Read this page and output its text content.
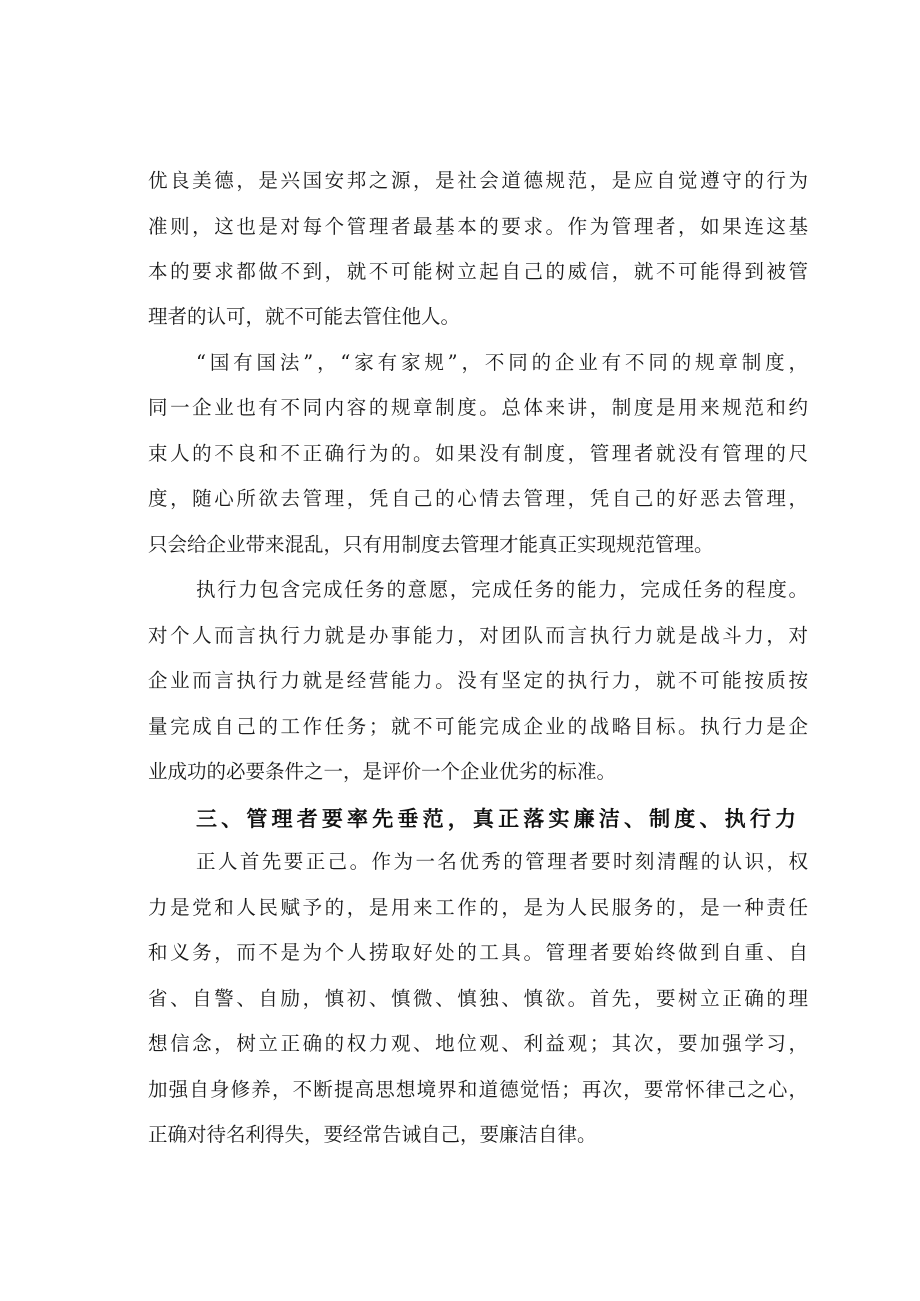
优良美德，是兴国安邦之源，是社会道德规范，是应自觉遵守的行为
准则，这也是对每个管理者最基本的要求。作为管理者，如果连这基
本的要求都做不到，就不可能树立起自己的威信，就不可能得到被管
理者的认可，就不可能去管住他人。
“国有国法”，“家有家规”，不同的企业有不同的规章制度，
同一企业也有不同内容的规章制度。总体来讲，制度是用来规范和约
束人的不良和不正确行为的。如果没有制度，管理者就没有管理的尺
度，随心所欲去管理，凭自己的心情去管理，凭自己的好恶去管理，
只会给企业带来混乱，只有用制度去管理才能真正实现规范管理。
执行力包含完成任务的意愿，完成任务的能力，完成任务的程度。
对个人而言执行力就是办事能力，对团队而言执行力就是战斗力，对
企业而言执行力就是经营能力。没有坚定的执行力，就不可能按质按
量完成自己的工作任务；就不可能完成企业的战略目标。执行力是企
业成功的必要条件之一，是评价一个企业优劣的标准。
三、管理者要率先垂范，真正落实廉洁、制度、执行力
正人首先要正己。作为一名优秀的管理者要时刻清醒的认识，权
力是党和人民赋予的，是用来工作的，是为人民服务的，是一种责任
和义务，而不是为个人捞取好处的工具。管理者要始终做到自重、自
省、自警、自励，慎初、慎微、慎独、慎欲。首先，要树立正确的理
想信念，树立正确的权力观、地位观、利益观；其次，要加强学习，
加强自身修养，不断提高思想境界和道德觉悟；再次，要常怀律己之心，
正确对待名利得失，要经常告诫自己，要廉洁自律。
